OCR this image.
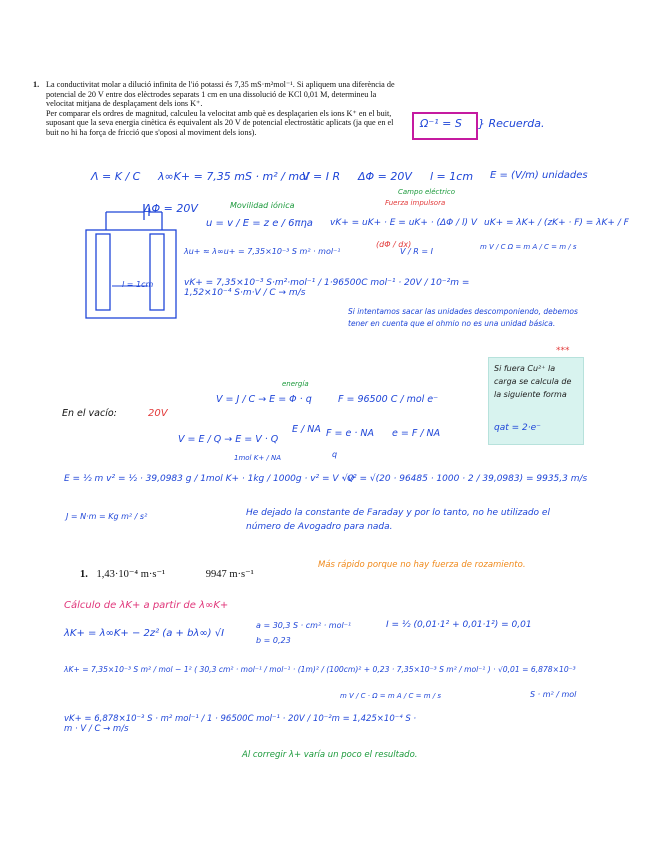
1. La conductivitat molar a dilució infinita de l'ió potassi és 7,35 mS·m²mol⁻¹. Si apliquem una diferència de potencial de 20 V entre dos elèctrodes separats 1 cm en una dissolució de KCl 0,01 M, determineu la velocitat mitjana de desplaçament dels ions K⁺.
Per comparar els ordres de magnitud, calculeu la velocitat amb què es desplaçarien els ions K⁺ en el buit, suposant que la seva energia cinètica és equivalent als 20 V de potencial electrostàtic aplicats (ja que en el buit no hi ha força de fricció que s'oposi al moviment dels ions).
Ω⁻¹ = S } Recuerda.
Λ = K / C λ∞K+ = 7,35 mS · m² / mol
V = I R ΔΦ = 20V l = 1cm E = (V/m) unidades
ΔΦ = 20V
l = 1cm
Movilidad iónica
u = v / E = z e / 6πηa
λu+ ≈ λ∞u+ = 7,35×10⁻³ S m² · mol⁻¹
Campo eléctrico
Fuerza impulsora
vK+ = uK+ · E = uK+ · (ΔΦ / l) V uK+ = λK+ / (zK+ · F) = λK+ / F
(dΦ / dx)
V / R = I	m V / C Ω = m A / C = m / s
vK+ = 7,35×10⁻³ S·m²·mol⁻¹ / 1·96500C mol⁻¹ · 20V / 10⁻²m = 1,52×10⁻⁴ S·m·V / C → m/s
Si intentamos sacar las unidades descomponiendo, debemos tener en cuenta que el ohmio no es una unidad básica.
***
Si fuera Cu²⁺ la carga se calcula de la siguiente forma
qat = 2·e⁻
En el vacío:	20V
energía
V = J / C → E = Φ · q	F = 96500 C / mol e⁻
V = E / Q → E = V · Q
E / NA F = e · NA e = F / NA
q
1mol K+ / NA
E = ½ m v² = ½ · 39,0983 g / 1mol K+ · 1kg / 1000g · v² = V · Q
√v² = √(20 · 96485 · 1000 · 2 / 39,0983) = 9935,3 m/s
J = N·m = Kg m² / s²	He dejado la constante de Faraday y por lo tanto, no he utilizado el número de Avogadro para nada.
Más rápido porque no hay fuerza de rozamiento.
1. 1,43·10⁻⁴ m·s⁻¹	9947 m·s⁻¹
Cálculo de λK+ a partir de λ∞K+
λK+ = λ∞K+ − 2z² (a + bλ∞) √I
a = 30,3 S · cm² · mol⁻¹
b = 0,23
I = ½ (0,01·1² + 0,01·1²) = 0,01
λK+ = 7,35×10⁻³ S m² / mol − 1² ( 30,3 cm² · mol⁻¹ / mol⁻¹ · (1m)² / (100cm)² + 0,23 · 7,35×10⁻³ S m² / mol⁻¹ ) · √0,01 = 6,878×10⁻³
S · m² / mol
m V / C · Ω = m A / C = m / s
vK+ = 6,878×10⁻³ S · m² mol⁻¹ / 1 · 96500C mol⁻¹ · 20V / 10⁻²m = 1,425×10⁻⁴ S · m · V / C → m/s
Al corregir λ+ varía un poco el resultado.
